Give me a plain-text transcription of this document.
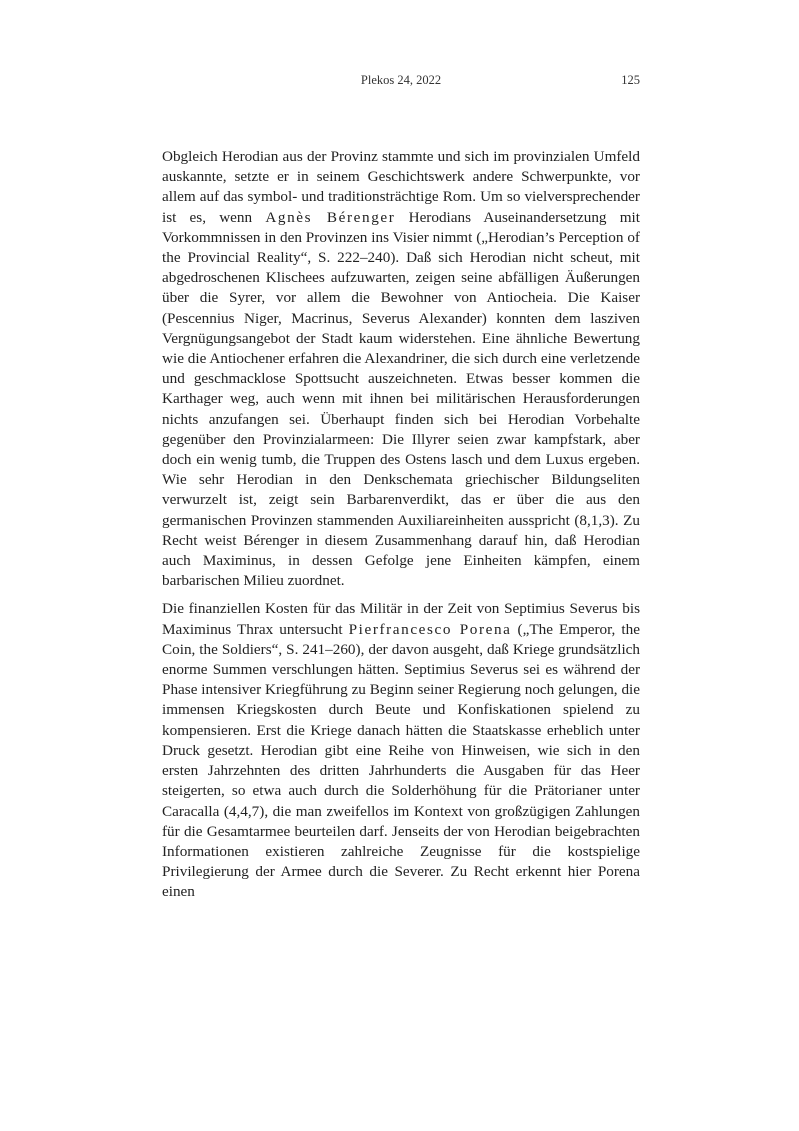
Plekos 24, 2022	125

Obgleich Herodian aus der Provinz stammte und sich im provinzialen Umfeld auskannte, setzte er in seinem Geschichtswerk andere Schwerpunkte, vor allem auf das symbol- und traditionsträchtige Rom. Um so vielversprechender ist es, wenn Agnès Bérenger Herodians Auseinandersetzung mit Vorkommnissen in den Provinzen ins Visier nimmt („Herodian’s Perception of the Provincial Reality“, S. 222–240). Daß sich Herodian nicht scheut, mit abgedroschenen Klischees aufzuwarten, zeigen seine abfälligen Äußerungen über die Syrer, vor allem die Bewohner von Antiocheia. Die Kaiser (Pescennius Niger, Macrinus, Severus Alexander) konnten dem lasziven Vergnügungsangebot der Stadt kaum widerstehen. Eine ähnliche Bewertung wie die Antiochener erfahren die Alexandriner, die sich durch eine verletzende und geschmacklose Spottsucht auszeichneten. Etwas besser kommen die Karthager weg, auch wenn mit ihnen bei militärischen Herausforderungen nichts anzufangen sei. Überhaupt finden sich bei Herodian Vorbehalte gegenüber den Provinzialarmeen: Die Illyrer seien zwar kampfstark, aber doch ein wenig tumb, die Truppen des Ostens lasch und dem Luxus ergeben. Wie sehr Herodian in den Denkschemata griechischer Bildungseliten verwurzelt ist, zeigt sein Barbarenverdikt, das er über die aus den germanischen Provinzen stammenden Auxiliareinheiten ausspricht (8,1,3). Zu Recht weist Bérenger in diesem Zusammenhang darauf hin, daß Herodian auch Maximinus, in dessen Gefolge jene Einheiten kämpfen, einem barbarischen Milieu zuordnet.

Die finanziellen Kosten für das Militär in der Zeit von Septimius Severus bis Maximinus Thrax untersucht Pierfrancesco Porena („The Emperor, the Coin, the Soldiers“, S. 241–260), der davon ausgeht, daß Kriege grundsätzlich enorme Summen verschlungen hätten. Septimius Severus sei es während der Phase intensiver Kriegführung zu Beginn seiner Regierung noch gelungen, die immensen Kriegskosten durch Beute und Konfiskationen spielend zu kompensieren. Erst die Kriege danach hätten die Staatskasse erheblich unter Druck gesetzt. Herodian gibt eine Reihe von Hinweisen, wie sich in den ersten Jahrzehnten des dritten Jahrhunderts die Ausgaben für das Heer steigerten, so etwa auch durch die Solderhöhung für die Prätorianer unter Caracalla (4,4,7), die man zweifellos im Kontext von großzügigen Zahlungen für die Gesamtarmee beurteilen darf. Jenseits der von Herodian beigebrachten Informationen existieren zahlreiche Zeugnisse für die kostspielige Privilegierung der Armee durch die Severer. Zu Recht erkennt hier Porena einen
